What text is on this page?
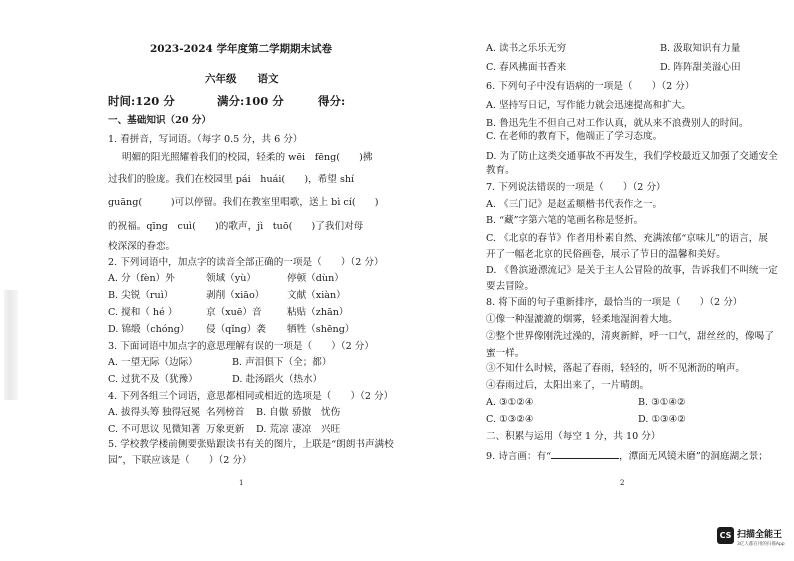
2023-2024 学年度第二学期期末试卷
六年级　　语文
时间:120 分	满分:100 分	得分:
一、基础知识（20 分）
1. 看拼音，写词语。（每字 0.5 分，共 6 分）
明媚的阳光照耀着我们的校园，轻柔的 wēi　fēng(　　)拂
过我们的脸庞。我们在校园里 pái　huái(　　)，希望 shí
guāng(　　　)可以停留。我们在教室里唱歌，送上 bì cí(　　)
的祝福。qīng　cuì(　　)的歌声，jì　tuō(　　)了我们对母
校深深的眷恋。
2. 下列词语中，加点字的读音全部正确的一项是（　　）（2 分）
A. 分（fèn）外	领域（yù）	停顿（dùn）
B. 尖锐（ruì）	剥削（xiāo） 文献（xiàn）
C. 搅和（ hé ）	京（xuē）音	粘贴（zhān）
D. 锦缎（chóng） 侵（qǐng）袭 牺牲（shēng）
3. 下面词语中加点字的意思理解有误的一项是（　　）（2 分）
A. 一望无际（边际）	B. 声泪俱下（全；都）
C. 过犹不及（犹豫）	D. 赴汤蹈火（热水）
4. 下列各组三个词语，意思都相同或相近的选项是（　　）（2 分）
A. 拔得头筹 独得冠冕 名列榜首 B. 自傲 骄傲 忧伤
C. 不可思议 见微知著 万象更新 D. 荒凉 凄凉 兴旺
5. 学校教学楼前侧要张贴跟读书有关的图片，上联是“朗朗书声满校
园”，下联应该是（　　）（2 分）
1
A. 读书之乐乐无穷	B. 汲取知识有力量
C. 春风拂面书香来	D. 阵阵甜美溢心田
6. 下列句子中没有语病的一项是（　　）（2 分）
A. 坚持写日记，写作能力就会迅速提高和扩大。
B. 鲁迅先生不但自己对工作认真，就从来不浪费别人的时间。
C. 在老师的教育下，他端正了学习态度。
D. 为了防止这类交通事故不再发生，我们学校最近又加强了交通安全
教育。
7. 下列说法错误的一项是（　　）（2 分）
A. 《三门记》是赵孟頫楷书代表作之一。
B. “藏”字第六笔的笔画名称是竖折。
C. 《北京的春节》作者用朴素自然、充满浓郁“京味儿”的语言，展
开了一幅老北京的民俗画卷，展示了节日的温馨和美好。
D. 《鲁滨逊漂流记》是关于主人公冒险的故事，告诉我们不叫统一定
要去冒险。
8. 将下面的句子重新排序，最恰当的一项是（　　）（2 分）
①像一种湿漉漉的烟雾，轻柔地湿润着大地。
②整个世界像刚洗过澡的，清爽新鲜，呼一口气，甜丝丝的，像喝了
蜜一样。
③不知什么时候，落起了春雨，轻轻的，听不见淅沥的响声。
④春雨过后，太阳出来了，一片晴朗。
A. ③①②④	B. ③①④②
C. ①③②④	D. ①③④②
二、积累与运用（每空 1 分，共 10 分）
9. 诗言画：有“	，潭面无风镜未磨”的洞庭湖之景；
2
CS 扫描全能王
3亿人都在用的扫描App
